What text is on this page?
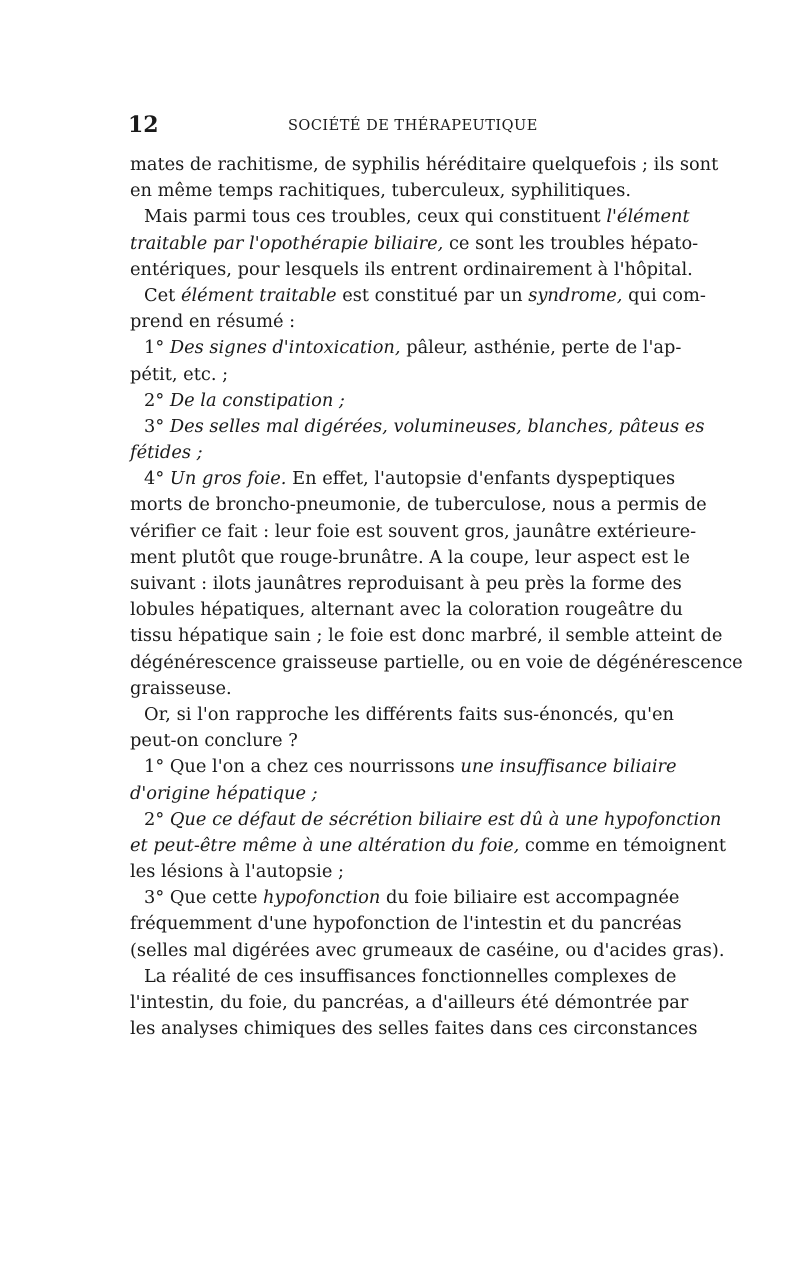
12	SOCIÉTÉ DE THÉRAPEUTIQUE
mates de rachitisme, de syphilis héréditaire quelquefois ; ils sont
en même temps rachitiques, tuberculeux, syphilitiques.
Mais parmi tous ces troubles, ceux qui constituent l'élément
traitable par l'opothérapie biliaire, ce sont les troubles hépato-
entériques, pour lesquels ils entrent ordinairement à l'hôpital.
Cet élément traitable est constitué par un syndrome, qui com-
prend en résumé :
1° Des signes d'intoxication, pâleur, asthénie, perte de l'ap-
pétit, etc. ;
2° De la constipation ;
3° Des selles mal digérées, volumineuses, blanches, pâteus es
fétides ;
4° Un gros foie. En effet, l'autopsie d'enfants dyspeptiques
morts de broncho-pneumonie, de tuberculose, nous a permis de
vérifier ce fait : leur foie est souvent gros, jaunâtre extérieure-
ment plutôt que rouge-brunâtre. A la coupe, leur aspect est le
suivant : ilots jaunâtres reproduisant à peu près la forme des
lobules hépatiques, alternant avec la coloration rougeâtre du
tissu hépatique sain ; le foie est donc marbré, il semble atteint de
dégénérescence graisseuse partielle, ou en voie de dégénérescence
graisseuse.
Or, si l'on rapproche les différents faits sus-énoncés, qu'en
peut-on conclure ?
1° Que l'on a chez ces nourrissons une insuffisance biliaire
d'origine hépatique ;
2° Que ce défaut de sécrétion biliaire est dû à une hypofonction
et peut-être même à une altération du foie, comme en témoignent
les lésions à l'autopsie ;
3° Que cette hypofonction du foie biliaire est accompagnée
fréquemment d'une hypofonction de l'intestin et du pancréas
(selles mal digérées avec grumeaux de caséine, ou d'acides gras).
La réalité de ces insuffisances fonctionnelles complexes de
l'intestin, du foie, du pancréas, a d'ailleurs été démontrée par
les analyses chimiques des selles faites dans ces circonstances
